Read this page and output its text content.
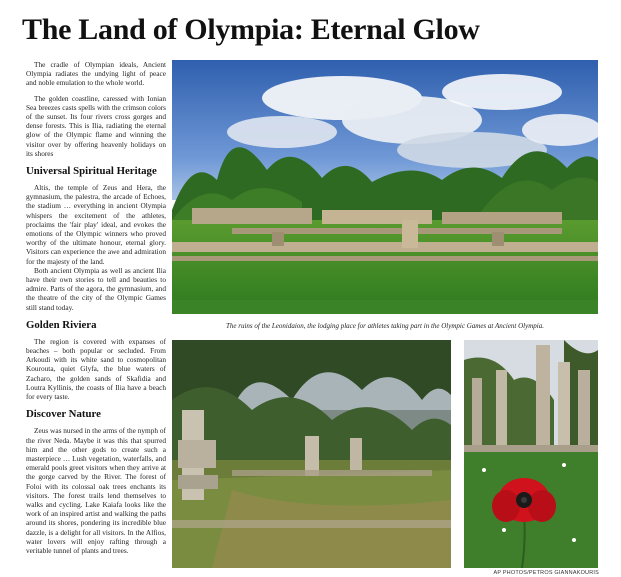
The Land of Olympia: Eternal Glow

The cradle of Olympian ideals, Ancient Olympia radiates the undying light of peace and noble emulation to the whole world.

The golden coastline, caressed with Ionian Sea breezes casts spells with the crimson colors of the sunset. Its four rivers cross gorges and dense forests. This is Ilia, radiating the eternal glow of the Olympic flame and winning the visitor over by offering heavenly holidays on its shores

Universal Spiritual Heritage

Altis, the temple of Zeus and Hera, the gymnasium, the palestra, the arcade of Echoes, the stadium … everything in ancient Olympia whispers the excitement of the athletes, proclaims the 'fair play' ideal, and evokes the emotions of the Olympic winners who proved worthy of the ultimate honour, eternal glory. Visitors can experience the awe and admiration for the majesty of the land.

Both ancient Olympia as well as ancient Ilia have their own stories to tell and beauties to admire. Parts of the agora, the gymnasium, and the theatre of the city of the Olympic Games still stand today.

Golden Riviera

The region is covered with expanses of beaches – both popular or secluded. From Arkoudi with its white sand to cosmopolitan Kourouta, quiet Glyfa, the blue waters of Zacharo, the golden sands of Skafidia and Loutra Kyllinis, the coasts of Ilia have a beach for every taste.

Discover Nature

Zeus was nursed in the arms of the nymph of the river Neda. Maybe it was this that spurred him and the other gods to create such a masterpiece … Lush vegetation, waterfalls, and emerald pools greet visitors when they arrive at the gorge carved by the River. The forest of Foloi with its colossal oak trees enchants its visitors. The forest trails lend themselves to walks and cycling. Lake Kaiafa looks like the work of an inspired artist and walking the paths around its shores, pondering its incredible blue dazzle, is a delight for all visitors. In the Alfios, water lovers will enjoy rafting through a veritable tunnel of plants and trees.

The ruins of the Leonidaion, the lodging place for athletes taking part in the Olympic Games at Ancient Olympia.
AP PHOTOS/PETROS GIANNAKOURIS
